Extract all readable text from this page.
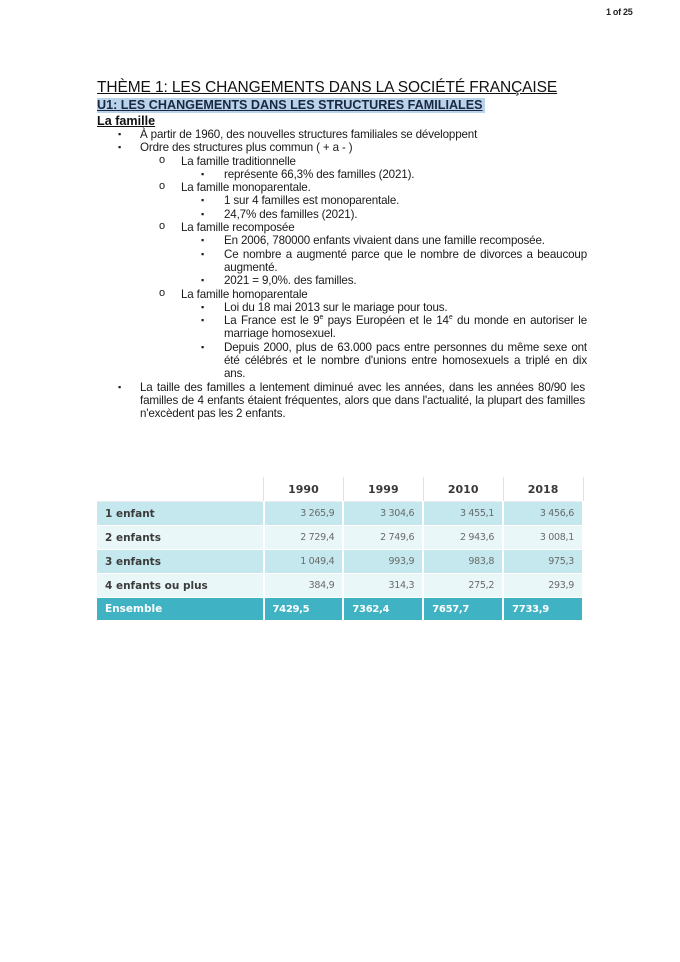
1 of 25
THÈME 1: LES CHANGEMENTS DANS LA SOCIÉTÉ FRANÇAISE
U1: LES CHANGEMENTS DANS LES STRUCTURES FAMILIALES
La famille
▪ À partir de 1960, des nouvelles structures familiales se développent
▪ Ordre des structures plus commun ( + a - )
o La famille traditionnelle
▪ représente 66,3% des familles (2021).
o La famille monoparentale.
▪ 1 sur 4 familles est monoparentale.
▪ 24,7% des familles (2021).
o La famille recomposée
▪ En 2006, 780000 enfants vivaient dans une famille recomposée.
▪ Ce nombre a augmenté parce que le nombre de divorces a beaucoup augmenté.
▪ 2021 = 9,0%. des familles.
o La famille homoparentale
▪ Loi du 18 mai 2013 sur le mariage pour tous.
▪ La France est le 9e pays Européen et le 14e du monde en autoriser le marriage homosexuel.
▪ Depuis 2000, plus de 63.000 pacs entre personnes du même sexe ont été célébrés et le nombre d'unions entre homosexuels a triplé en dix ans.
▪ La taille des familles a lentement diminué avec les années, dans les années 80/90 les familles de 4 enfants étaient fréquentes, alors que dans l'actualité, la plupart des familles n'excèdent pas les 2 enfants.
	1990	1999	2010	2018
1 enfant	3 265,9	3 304,6	3 455,1	3 456,6
2 enfants	2 729,4	2 749,6	2 943,6	3 008,1
3 enfants	1 049,4	993,9	983,8	975,3
4 enfants ou plus	384,9	314,3	275,2	293,9
Ensemble	7429,5	7362,4	7657,7	7733,9
